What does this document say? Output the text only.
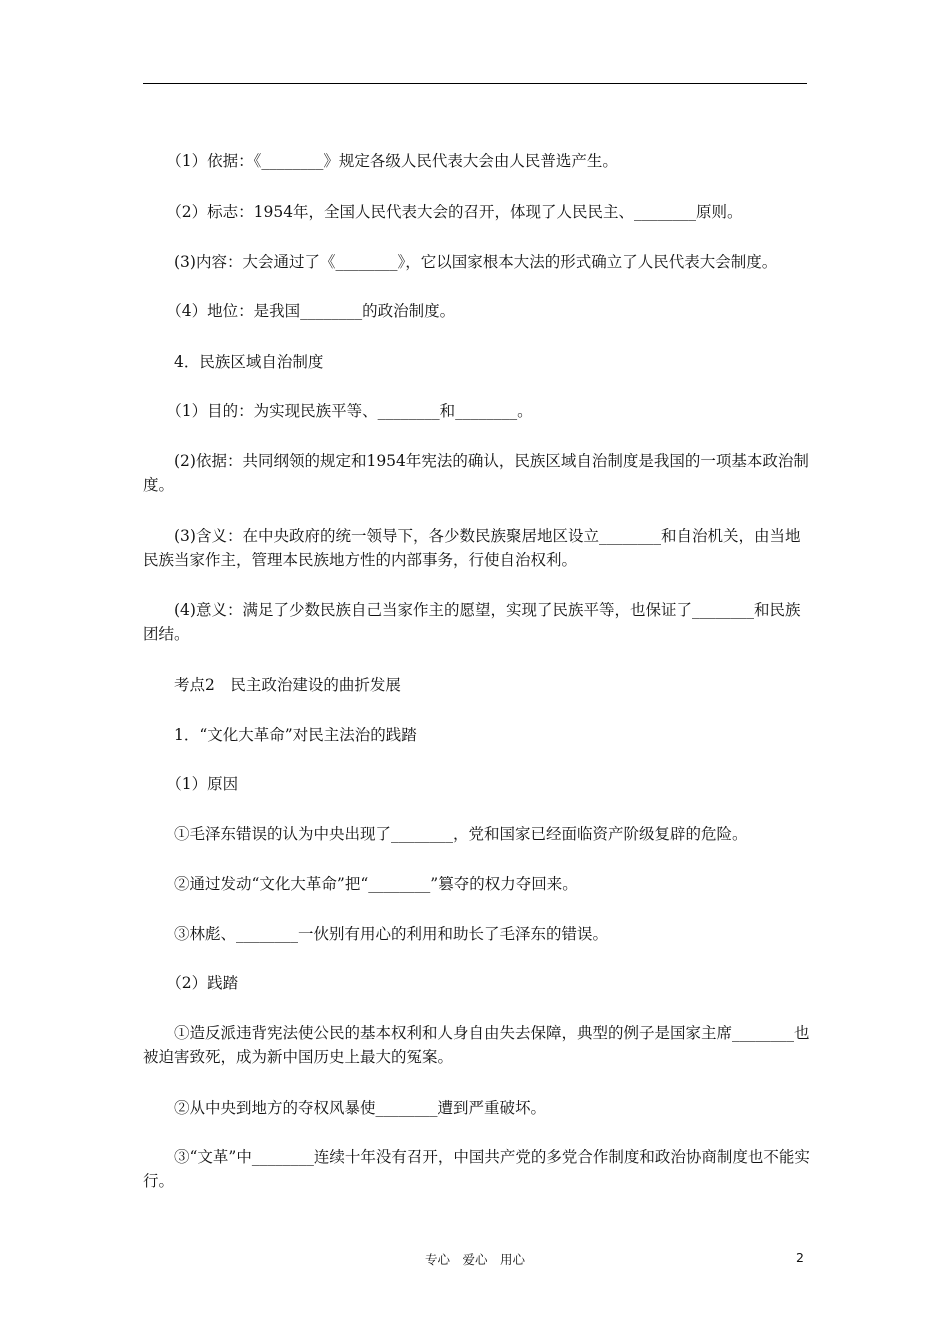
　　（1）依据：《________》规定各级人民代表大会由人民普选产生。
　　（2）标志：1954年，全国人民代表大会的召开，体现了人民民主、________原则。
　　(3)内容：大会通过了《________》，它以国家根本大法的形式确立了人民代表大会制度。
　　（4）地位：是我国________的政治制度。
　　4．民族区域自治制度
　　（1）目的：为实现民族平等、________和________。
　　(2)依据：共同纲领的规定和1954年宪法的确认，民族区域自治制度是我国的一项基本政治制度。
　　(3)含义：在中央政府的统一领导下，各少数民族聚居地区设立________和自治机关，由当地民族当家作主，管理本民族地方性的内部事务，行使自治权利。
　　(4)意义：满足了少数民族自己当家作主的愿望，实现了民族平等，也保证了________和民族团结。
　　考点2　民主政治建设的曲折发展
　　1．“文化大革命”对民主法治的践踏
　　（1）原因
　　①毛泽东错误的认为中央出现了________，党和国家已经面临资产阶级复辟的危险。
　　②通过发动“文化大革命”把“________”篡夺的权力夺回来。
　　③林彪、________一伙别有用心的利用和助长了毛泽东的错误。
　　（2）践踏
　　①造反派违背宪法使公民的基本权利和人身自由失去保障，典型的例子是国家主席________也被迫害致死，成为新中国历史上最大的冤案。
　　②从中央到地方的夺权风暴使________遭到严重破坏。
　　③“文革”中________连续十年没有召开，中国共产党的多党合作制度和政治协商制度也不能实行。
专心　爱心　用心	2
